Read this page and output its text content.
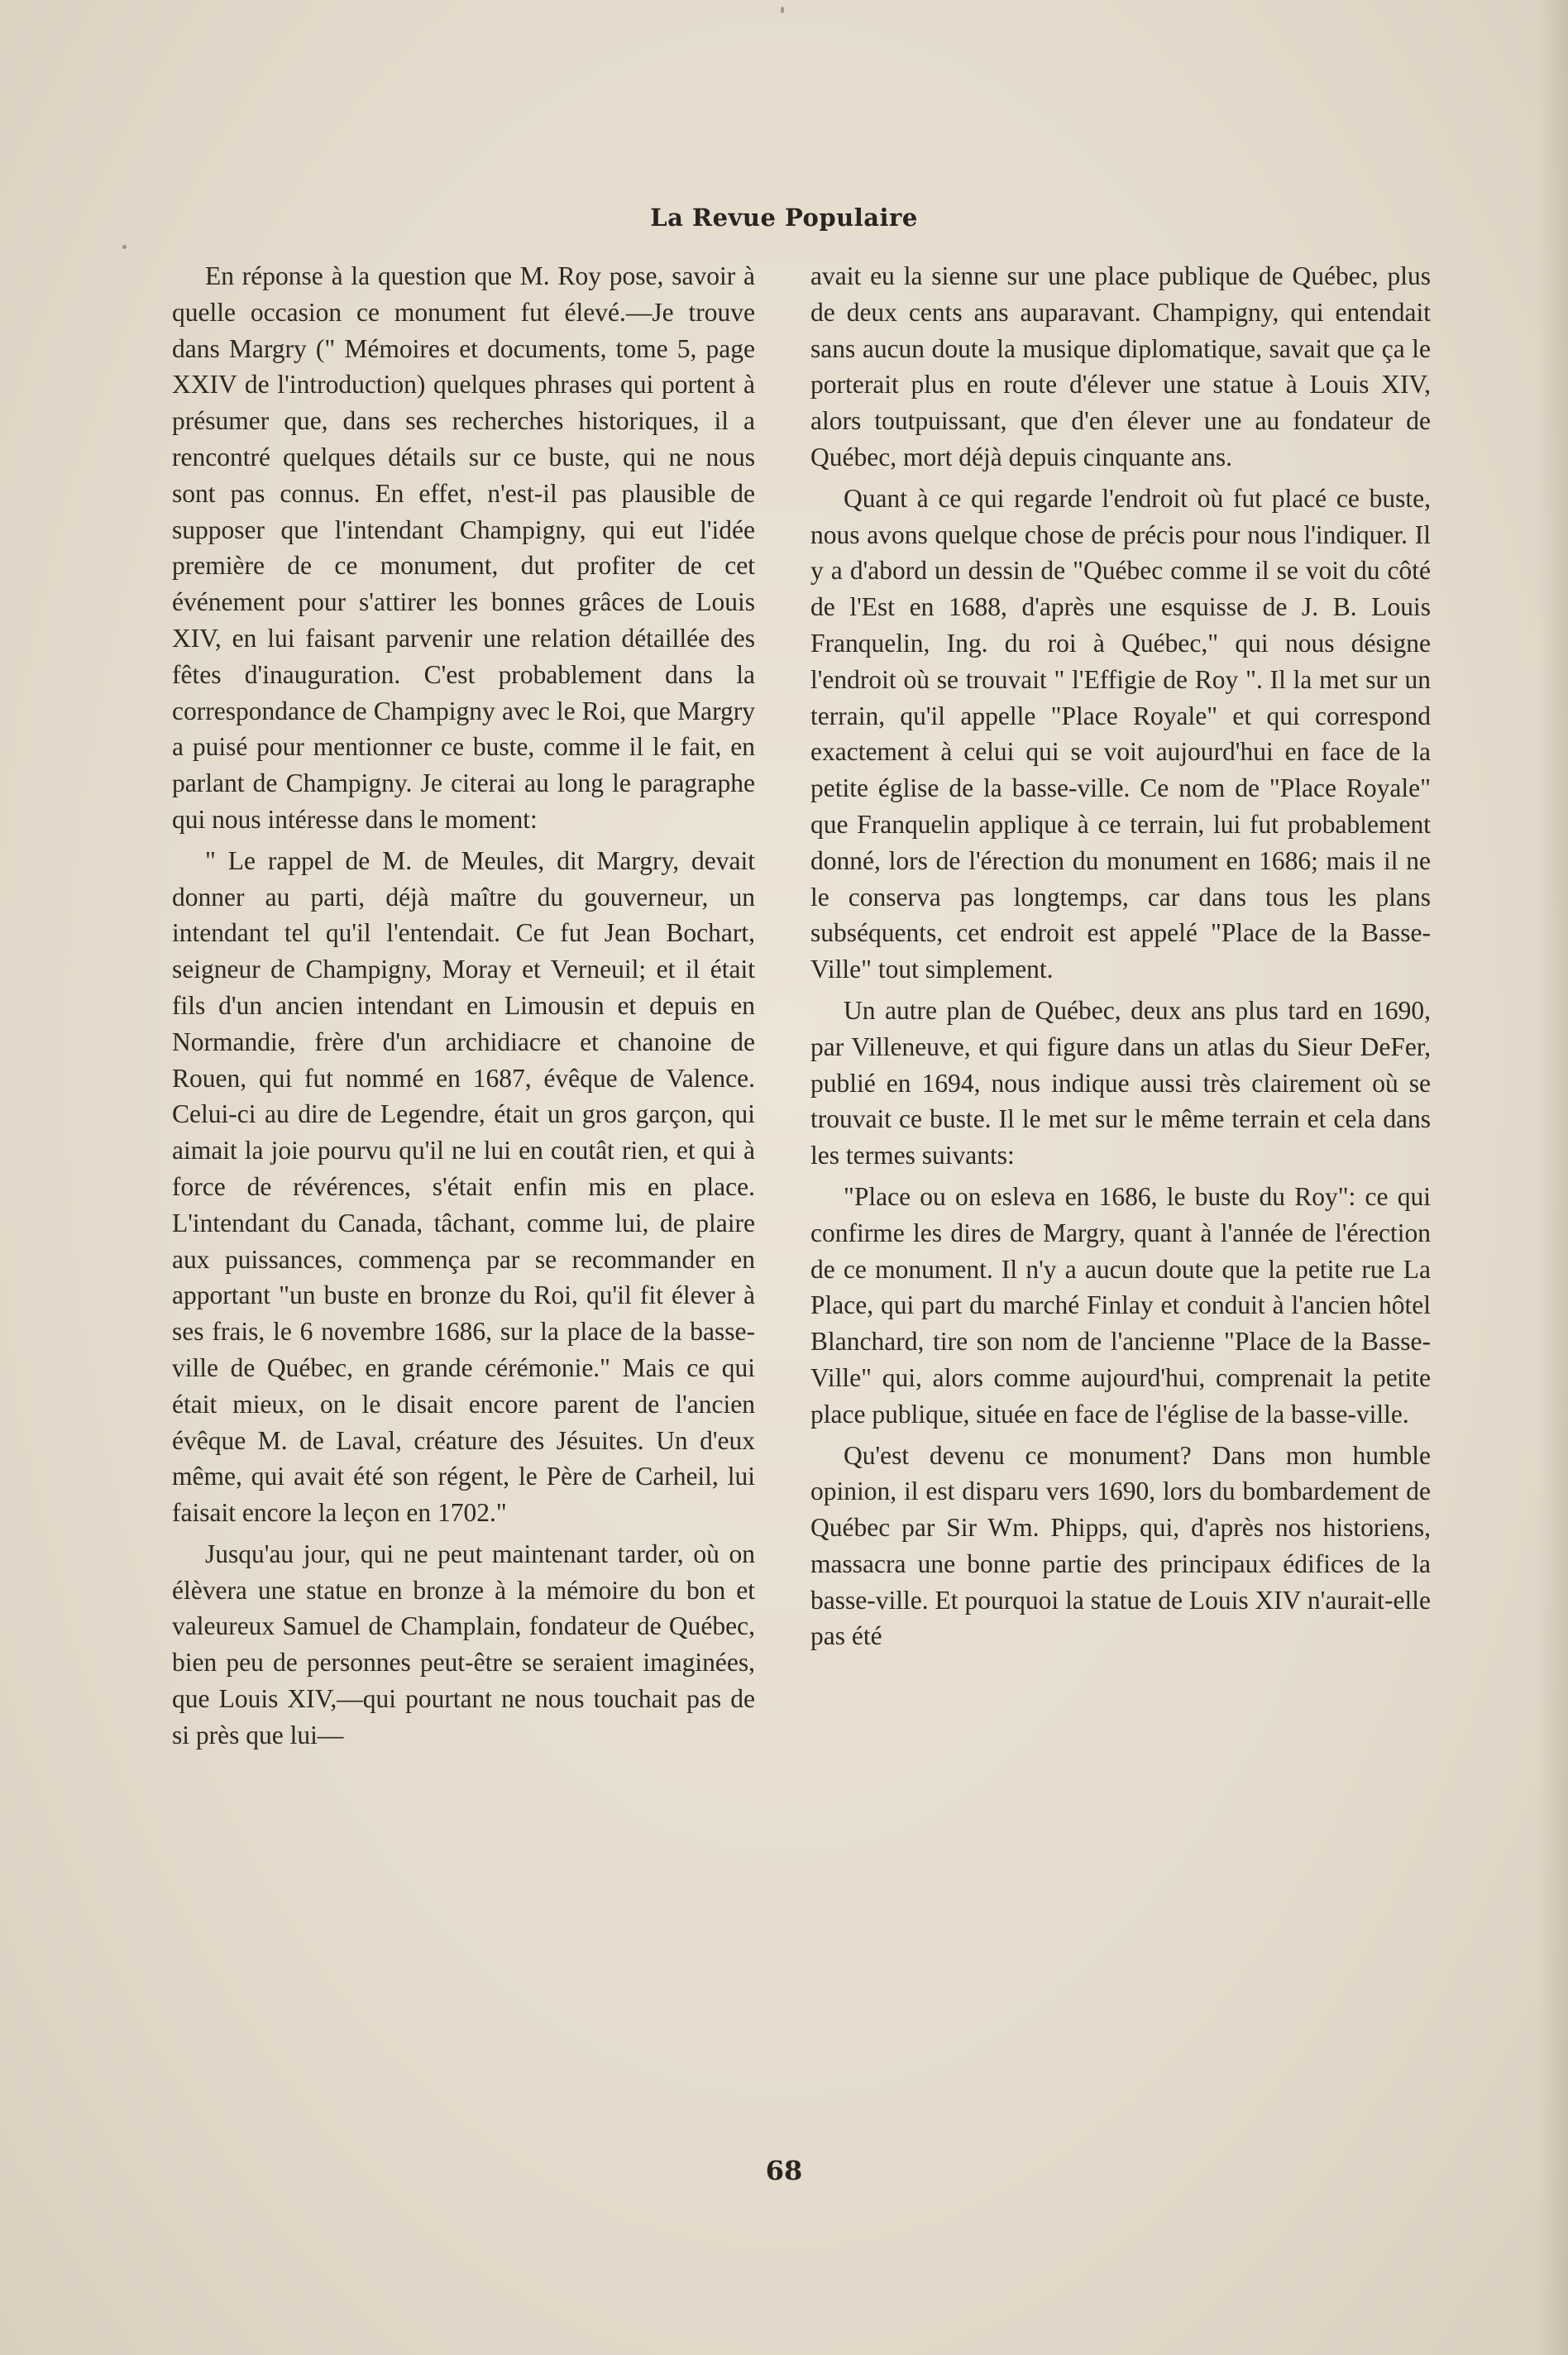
La Revue Populaire

En réponse à la question que M. Roy pose, savoir à quelle occasion ce monument fut élevé.—Je trouve dans Margry (" Mémoires et documents, tome 5, page XXIV de l'introduction) quelques phrases qui portent à présumer que, dans ses recherches historiques, il a rencontré quelques détails sur ce buste, qui ne nous sont pas connus. En effet, n'est-il pas plausible de supposer que l'intendant Champigny, qui eut l'idée première de ce monument, dut profiter de cet événement pour s'attirer les bonnes grâces de Louis XIV, en lui faisant parvenir une relation détaillée des fêtes d'inauguration. C'est probablement dans la correspondance de Champigny avec le Roi, que Margry a puisé pour mentionner ce buste, comme il le fait, en parlant de Champigny. Je citerai au long le paragraphe qui nous intéresse dans le moment:

" Le rappel de M. de Meules, dit Margry, devait donner au parti, déjà maître du gouverneur, un intendant tel qu'il l'entendait. Ce fut Jean Bochart, seigneur de Champigny, Moray et Verneuil; et il était fils d'un ancien intendant en Limousin et depuis en Normandie, frère d'un archidiacre et chanoine de Rouen, qui fut nommé en 1687, évêque de Valence. Celui-ci au dire de Legendre, était un gros garçon, qui aimait la joie pourvu qu'il ne lui en coutât rien, et qui à force de révérences, s'était enfin mis en place. L'intendant du Canada, tâchant, comme lui, de plaire aux puissances, commença par se recommander en apportant "un buste en bronze du Roi, qu'il fit élever à ses frais, le 6 novembre 1686, sur la place de la basse-ville de Québec, en grande cérémonie." Mais ce qui était mieux, on le disait encore parent de l'ancien évêque M. de Laval, créature des Jésuites. Un d'eux même, qui avait été son régent, le Père de Carheil, lui faisait encore la leçon en 1702."

Jusqu'au jour, qui ne peut maintenant tarder, où on élèvera une statue en bronze à la mémoire du bon et valeureux Samuel de Champlain, fondateur de Québec, bien peu de personnes peut-être se seraient imaginées, que Louis XIV,—qui pourtant ne nous touchait pas de si près que lui—

avait eu la sienne sur une place publique de Québec, plus de deux cents ans auparavant. Champigny, qui entendait sans aucun doute la musique diplomatique, savait que ça le porterait plus en route d'élever une statue à Louis XIV, alors toutpuissant, que d'en élever une au fondateur de Québec, mort déjà depuis cinquante ans.

Quant à ce qui regarde l'endroit où fut placé ce buste, nous avons quelque chose de précis pour nous l'indiquer. Il y a d'abord un dessin de "Québec comme il se voit du côté de l'Est en 1688, d'après une esquisse de J. B. Louis Franquelin, Ing. du roi à Québec," qui nous désigne l'endroit où se trouvait " l'Effigie de Roy ". Il la met sur un terrain, qu'il appelle "Place Royale" et qui correspond exactement à celui qui se voit aujourd'hui en face de la petite église de la basse-ville. Ce nom de "Place Royale" que Franquelin applique à ce terrain, lui fut probablement donné, lors de l'érection du monument en 1686; mais il ne le conserva pas longtemps, car dans tous les plans subséquents, cet endroit est appelé "Place de la Basse-Ville" tout simplement.

Un autre plan de Québec, deux ans plus tard en 1690, par Villeneuve, et qui figure dans un atlas du Sieur DeFer, publié en 1694, nous indique aussi très clairement où se trouvait ce buste. Il le met sur le même terrain et cela dans les termes suivants:

"Place ou on esleva en 1686, le buste du Roy": ce qui confirme les dires de Margry, quant à l'année de l'érection de ce monument. Il n'y a aucun doute que la petite rue La Place, qui part du marché Finlay et conduit à l'ancien hôtel Blanchard, tire son nom de l'ancienne "Place de la Basse-Ville" qui, alors comme aujourd'hui, comprenait la petite place publique, située en face de l'église de la basse-ville.

Qu'est devenu ce monument? Dans mon humble opinion, il est disparu vers 1690, lors du bombardement de Québec par Sir Wm. Phipps, qui, d'après nos historiens, massacra une bonne partie des principaux édifices de la basse-ville. Et pourquoi la statue de Louis XIV n'aurait-elle pas été

68
